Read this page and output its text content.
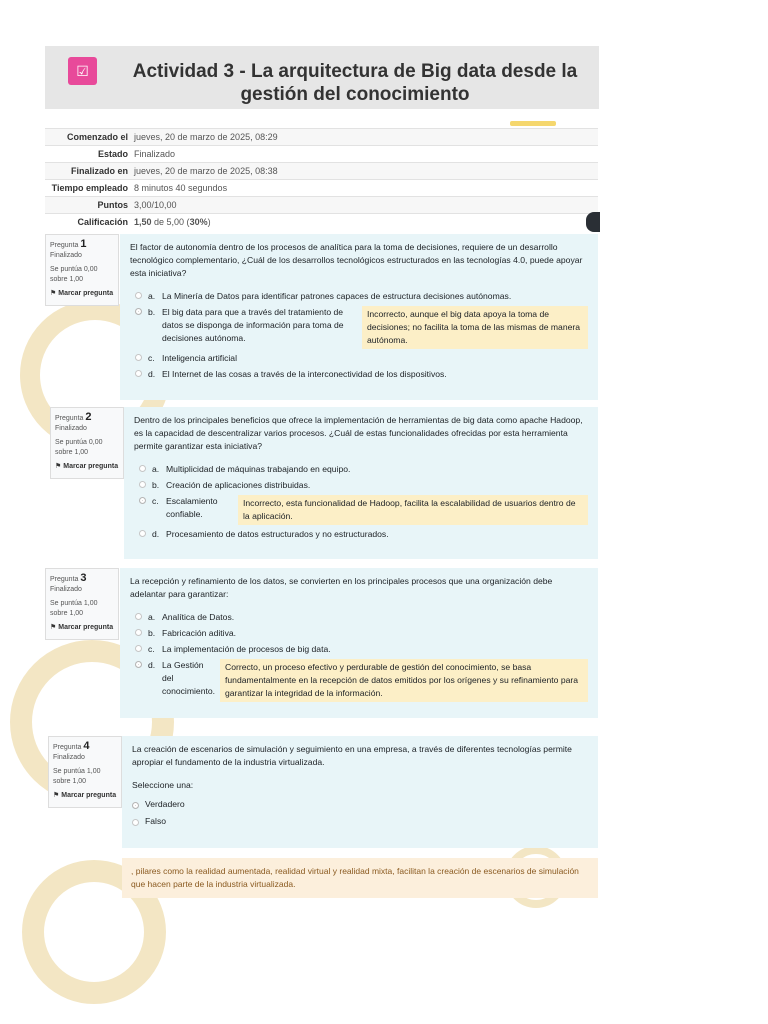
☑	Actividad 3 - La arquitectura de Big data desde la gestión del conocimiento
Comenzado el	jueves, 20 de marzo de 2025, 08:29
Estado	Finalizado
Finalizado en	jueves, 20 de marzo de 2025, 08:38
Tiempo empleado	8 minutos 40 segundos
Puntos	3,00/10,00
Calificación	1,50 de 5,00 (30%)
Pregunta 1
Finalizado
Se puntúa 0,00 sobre 1,00
⚑ Marcar pregunta

El factor de autonomía dentro de los procesos de analítica para la toma de decisiones, requiere de un desarrollo tecnológico complementario, ¿Cuál de los desarrollos tecnológicos estructurados en las tecnologías 4.0, puede apoyar esta iniciativa?

a. La Minería de Datos para identificar patrones capaces de estructura decisiones autónomas.
b. El big data para que a través del tratamiento de datos se disponga de información para toma de decisiones autónoma.
Incorrecto, aunque el big data apoya la toma de decisiones; no facilita la toma de las mismas de manera autónoma.
c. Inteligencia artificial
d. El Internet de las cosas a través de la interconectividad de los dispositivos.
Pregunta 2
Finalizado
Se puntúa 0,00 sobre 1,00
⚑ Marcar pregunta

Dentro de los principales beneficios que ofrece la implementación de herramientas de big data como apache Hadoop, es la capacidad de descentralizar varios procesos. ¿Cuál de estas funcionalidades ofrecidas por esta herramienta permite garantizar esta iniciativa?

a. Multiplicidad de máquinas trabajando en equipo.
b. Creación de aplicaciones distribuidas.
c. Escalamiento confiable.
Incorrecto, esta funcionalidad de Hadoop, facilita la escalabilidad de usuarios dentro de la aplicación.
d. Procesamiento de datos estructurados y no estructurados.
Pregunta 3
Finalizado
Se puntúa 1,00 sobre 1,00
⚑ Marcar pregunta

La recepción y refinamiento de los datos, se convierten en los principales procesos que una organización debe adelantar para garantizar:

a. Analítica de Datos.
b. Fabricación aditiva.
c. La implementación de procesos de big data.
d. La Gestión del conocimiento.
Correcto, un proceso efectivo y perdurable de gestión del conocimiento, se basa fundamentalmente en la recepción de datos emitidos por los orígenes y su refinamiento para garantizar la integridad de la información.
Pregunta 4
Finalizado
Se puntúa 1,00 sobre 1,00
⚑ Marcar pregunta

La creación de escenarios de simulación y seguimiento en una empresa, a través de diferentes tecnologías permite apropiar el fundamento de la industria virtualizada.

Seleccione una:
Verdadero
Falso
, pilares como la realidad aumentada, realidad virtual y realidad mixta, facilitan la creación de escenarios de simulación que hacen parte de la industria virtualizada.
